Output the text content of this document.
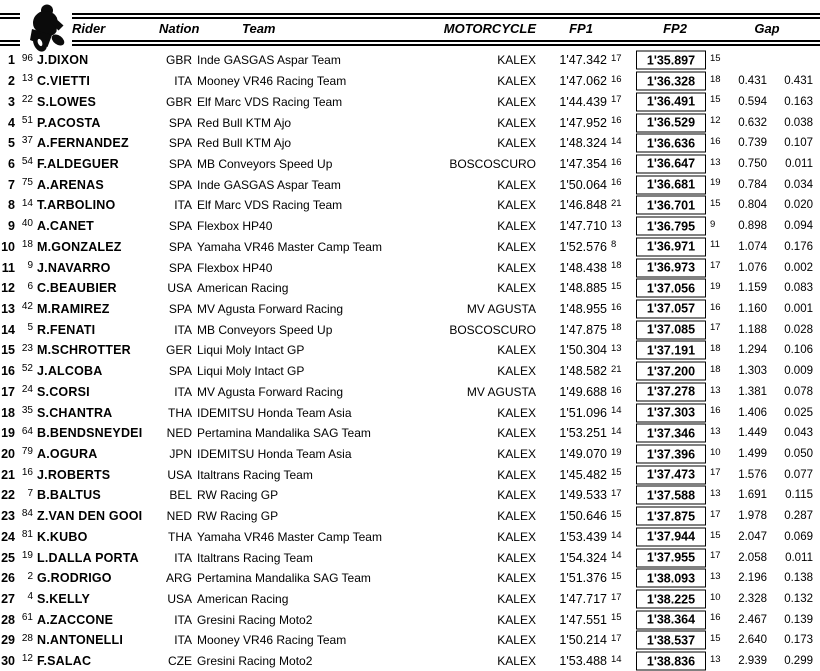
Rider	Nation	Team	MOTORCYCLE	FP1	FP2	Gap
1 96 J.DIXON	GBR Inde GASGAS Aspar Team	KALEX	1'47.342 17	1'35.897	15
2 13 C.VIETTI	ITA Mooney VR46 Racing Team	KALEX	1'47.062 16	1'36.328	18	0.431	0.431
3 22 S.LOWES	GBR Elf Marc VDS Racing Team	KALEX	1'44.439 17	1'36.491	15	0.594	0.163
4 51 P.ACOSTA	SPA Red Bull KTM Ajo	KALEX	1'47.952 16	1'36.529	12	0.632	0.038
5 37 A.FERNANDEZ	SPA Red Bull KTM Ajo	KALEX	1'48.324 14	1'36.636	16	0.739	0.107
6 54 F.ALDEGUER	SPA MB Conveyors Speed Up	BOSCOSCURO	1'47.354 16	1'36.647	13	0.750	0.011
7 75 A.ARENAS	SPA Inde GASGAS Aspar Team	KALEX	1'50.064 16	1'36.681	19	0.784	0.034
8 14 T.ARBOLINO	ITA Elf Marc VDS Racing Team	KALEX	1'46.848 21	1'36.701	15	0.804	0.020
9 40 A.CANET	SPA Flexbox HP40	KALEX	1'47.710 13	1'36.795	9	0.898	0.094
10 18 M.GONZALEZ	SPA Yamaha VR46 Master Camp Team	KALEX	1'52.576 8	1'36.971	11	1.074	0.176
11	9 J.NAVARRO	SPA Flexbox HP40	KALEX	1'48.438 18	1'36.973	17	1.076	0.002
12	6 C.BEAUBIER	USA American Racing	KALEX	1'48.885 15	1'37.056	19	1.159	0.083
13 42 M.RAMIREZ	SPA MV Agusta Forward Racing	MV AGUSTA	1'48.955 16	1'37.057	16	1.160	0.001
14	5 R.FENATI	ITA MB Conveyors Speed Up	BOSCOSCURO	1'47.875 18	1'37.085	17	1.188	0.028
15 23 M.SCHROTTER	GER Liqui Moly Intact GP	KALEX	1'50.304 13	1'37.191	18	1.294	0.106
16 52 J.ALCOBA	SPA Liqui Moly Intact GP	KALEX	1'48.582 21	1'37.200	18	1.303	0.009
17 24 S.CORSI	ITA MV Agusta Forward Racing	MV AGUSTA	1'49.688 16	1'37.278	13	1.381	0.078
18 35 S.CHANTRA	THA IDEMITSU Honda Team Asia	KALEX	1'51.096 14	1'37.303	16	1.406	0.025
19 64 B.BENDSNEYDEI	NED Pertamina Mandalika SAG Team	KALEX	1'53.251 14	1'37.346	13	1.449	0.043
20 79 A.OGURA	JPN IDEMITSU Honda Team Asia	KALEX	1'49.070 19	1'37.396	10	1.499	0.050
21 16 J.ROBERTS	USA Italtrans Racing Team	KALEX	1'45.482 15	1'37.473	17	1.576	0.077
22	7 B.BALTUS	BEL RW Racing GP	KALEX	1'49.533 17	1'37.588	13	1.691	0.115
23 84 Z.VAN DEN GOOI	NED RW Racing GP	KALEX	1'50.646 15	1'37.875	17	1.978	0.287
24 81 K.KUBO	THA Yamaha VR46 Master Camp Team	KALEX	1'53.439 14	1'37.944	15	2.047	0.069
25 19 L.DALLA PORTA	ITA Italtrans Racing Team	KALEX	1'54.324 14	1'37.955	17	2.058	0.011
26	2 G.RODRIGO	ARG Pertamina Mandalika SAG Team	KALEX	1'51.376 15	1'38.093	13	2.196	0.138
27	4 S.KELLY	USA American Racing	KALEX	1'47.717 17	1'38.225	10	2.328	0.132
28 61 A.ZACCONE	ITA Gresini Racing Moto2	KALEX	1'47.551 15	1'38.364	16	2.467	0.139
29 28 N.ANTONELLI	ITA Mooney VR46 Racing Team	KALEX	1'50.214 17	1'38.537	15	2.640	0.173
30 12 F.SALAC	CZE Gresini Racing Moto2	KALEX	1'53.488 14	1'38.836	13	2.939	0.299
